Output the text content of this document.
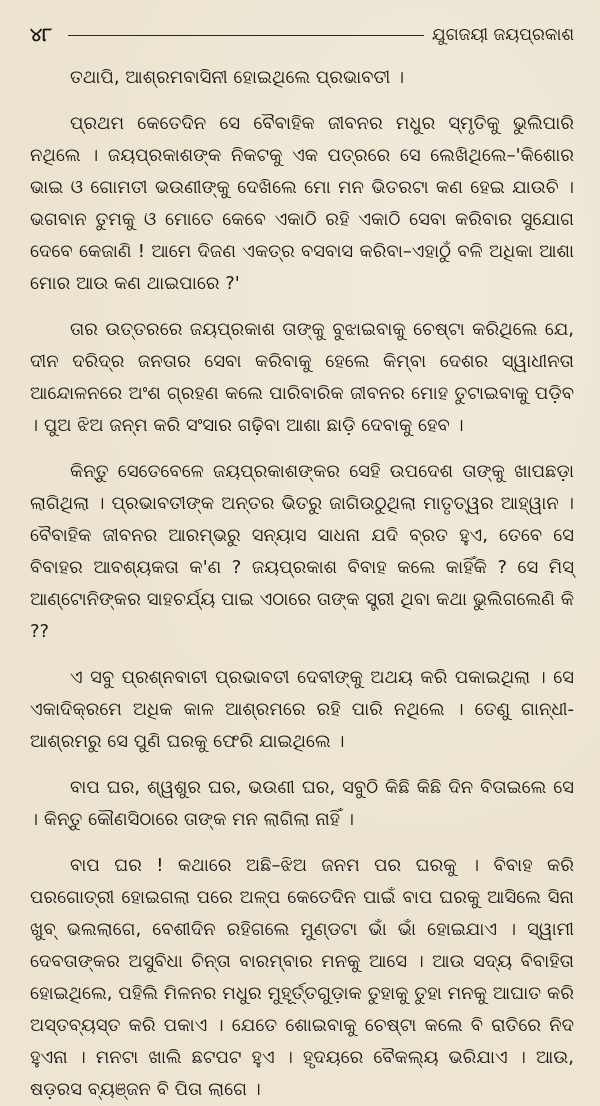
୪୮	ଯୁଗଜୟୀ ଜୟପ୍ରକାଶ

ତଥାପି, ଆଶ୍ରମବାସିନୀ ହୋଇଥିଲେ ପ୍ରଭାବତୀ ।

ପ୍ରଥମ କେତେଦିନ ସେ ବୈବାହିକ ଜୀବନର ମଧୁର ସ୍ମୃତିକୁ ଭୁଲିପାରି ନଥିଲେ । ଜୟପ୍ରକାଶଙ୍କ ନିକଟକୁ ଏକ ପତ୍ରରେ ସେ ଲେଖିଥିଲେ–'କିଶୋର ଭାଇ ଓ ଗୋମତୀ ଭଉଣୀଙ୍କୁ ଦେଖିଲେ ମୋ ମନ ଭିତରଟା କଣ ହେଇ ଯାଉଚି । ଭଗବାନ ତୁମକୁ ଓ ମୋତେ କେବେ ଏକାଠି ରହି ଏକାଠି ସେବା କରିବାର ସୁଯୋଗ ଦେବେ କେଜାଣି ! ଆମେ ଦିଜଣ ଏକତ୍ର ବସବାସ କରିବା–ଏହାଠୁଁ ବଳି ଅଧିକା ଆଶା ମୋର ଆଉ କଣ ଥାଇପାରେ ?'

ତାର ଉତ୍ତରରେ ଜୟପ୍ରକାଶ ତାଙ୍କୁ ବୁଝାଇବାକୁ ଚେଷ୍ଟା କରିଥିଲେ ଯେ, ଦୀନ ଦରିଦ୍ର ଜନତାର ସେବା କରିବାକୁ ହେଲେ କିମ୍ବା ଦେଶର ସ୍ୱାଧୀନତା ଆନ୍ଦୋଳନରେ ଅଂଶ ଗ୍ରହଣ କଲେ ପାରିବାରିକ ଜୀବନର ମୋହ ତୁଟାଇବାକୁ ପଡ଼ିବ । ପୁଅ ଝିଅ ଜନ୍ମ କରି ସଂସାର ଗଢ଼ିବା ଆଶା ଛାଡ଼ି ଦେବାକୁ ହେବ ।

କିନ୍ତୁ ସେତେବେଳେ ଜୟପ୍ରକାଶଙ୍କର ସେହି ଉପଦେଶ ତାଙ୍କୁ ଖାପଛଡ଼ା ଲାଗିଥିଲା । ପ୍ରଭାବତୀଙ୍କ ଅନ୍ତର ଭିତରୁ ଜାଗିଉଠୁଥିଲା ମାତୃତ୍ୱର ଆହ୍ୱାନ । ବୈବାହିକ ଜୀବନର ଆରମ୍ଭରୁ ସନ୍ୟାସ ସାଧନା ଯଦି ବ୍ରତ ହୁଏ, ତେବେ ସେ ବିବାହର ଆବଶ୍ୟକତା କ'ଣ ? ଜୟପ୍ରକାଶ ବିବାହ କଲେ କାହିଁକି ? ସେ ମିସ୍ ଆଣ୍ଟୋନିଙ୍କର ସାହଚର୍ଯ୍ୟ ପାଇ ଏଠାରେ ତାଙ୍କ ସ୍ତ୍ରୀ ଥିବା କଥା ଭୁଲିଗଲେଣି କି ??

ଏ ସବୁ ପ୍ରଶ୍ନବାଚୀ ପ୍ରଭାବତୀ ଦେବୀଙ୍କୁ ଅଥୟ କରି ପକାଇଥିଲା । ସେ ଏକାଦିକ୍ରମେ ଅଧିକ କାଳ ଆଶ୍ରମରେ ରହି ପାରି ନଥିଲେ । ତେଣୁ ଗାନ୍ଧୀ-ଆଶ୍ରମରୁ ସେ ପୁଣି ଘରକୁ ଫେରି ଯାଇଥିଲେ ।

ବାପ ଘର, ଶ୍ୱଶୁର ଘର, ଭଉଣୀ ଘର, ସବୁଠି କିଛି କିଛି ଦିନ ବିତାଇଲେ ସେ । କିନ୍ତୁ କୌଣସିଠାରେ ତାଙ୍କ ମନ ଲାଗିଲା ନାହିଁ ।

ବାପ ଘର ! କଥାରେ ଅଛି–ଝିଅ ଜନମ ପର ଘରକୁ । ବିବାହ କରି ପରଗୋତ୍ରୀ ହୋଇଗଲା ପରେ ଅଳ୍ପ କେତେଦିନ ପାଇଁ ବାପ ଘରକୁ ଆସିଲେ ସିନା ଖୁବ୍ ଭଲଲାଗେ, ବେଶୀଦିନ ରହିଗଲେ ମୁଣ୍ଡଟା ଭାଁ ଭାଁ ହୋଇଯାଏ । ସ୍ୱାମୀ ଦେବତାଙ୍କର ଅସୁବିଧା ଚିନ୍ତା ବାରମ୍ବାର ମନକୁ ଆସେ । ଆଉ ସଦ୍ୟ ବିବାହିତା ହୋଇଥିଲେ, ପହିଲି ମିଳନର ମଧୁର ମୁହୂର୍ତ୍ତଗୁଡ଼ାକ ତୁହାକୁ ତୁହା ମନକୁ ଆଘାତ କରି ଅସ୍ତବ୍ୟସ୍ତ କରି ପକାଏ । ଯେତେ ଶୋଇବାକୁ ଚେଷ୍ଟା କଲେ ବି ରାତିରେ ନିଦ ହୁଏନା । ମନଟା ଖାଲି ଛଟପଟ ହୁଏ । ହୃଦୟରେ ବୈକଲ୍ୟ ଭରିଯାଏ । ଆଉ, ଷଡ଼ରସ ବ୍ୟଞ୍ଜନ ବି ପିତା ଲାଗେ ।
